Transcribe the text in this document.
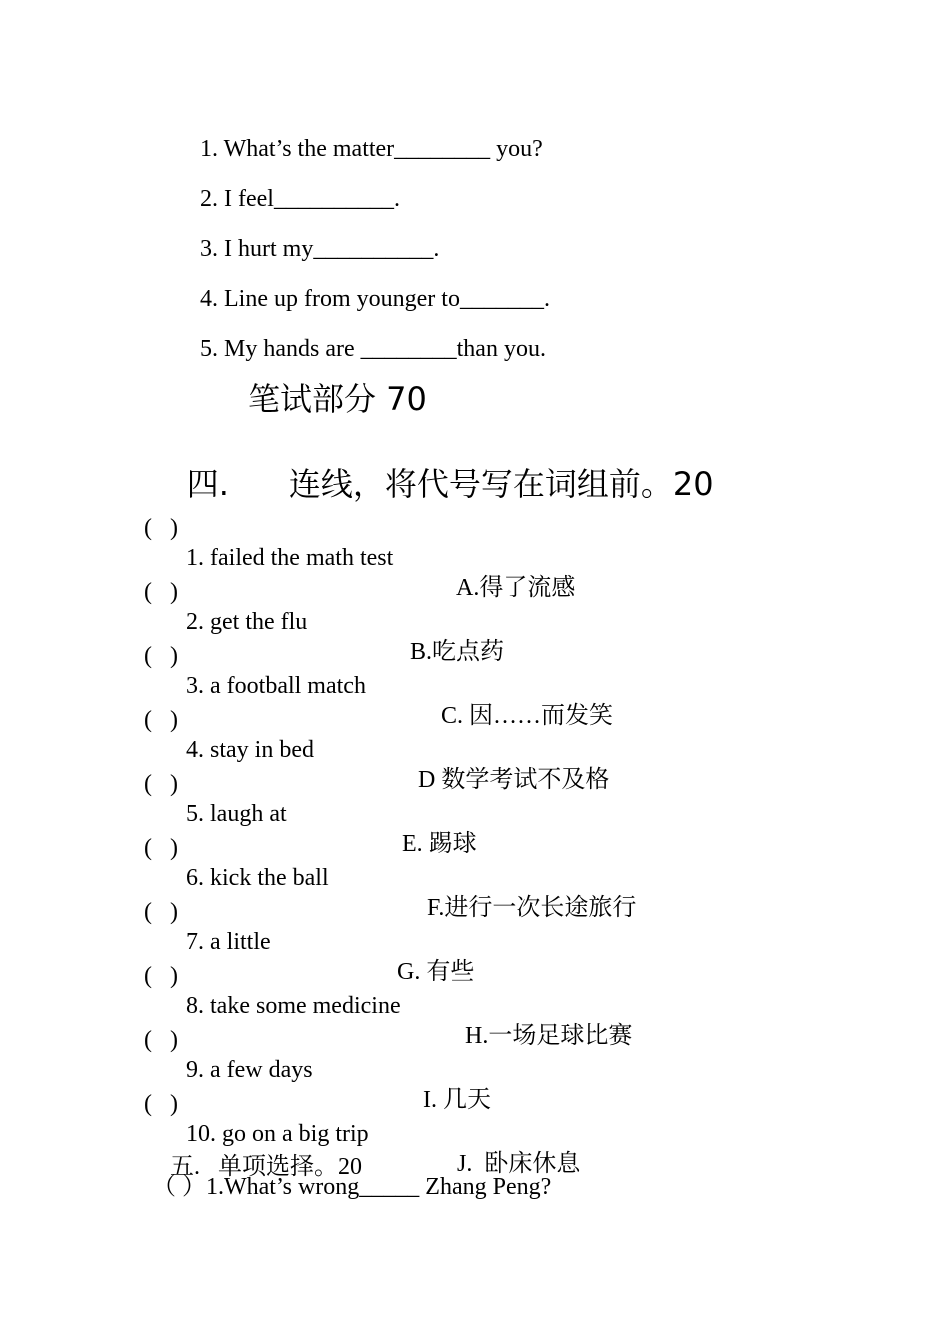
1. What’s the matter________ you?
2. I feel__________.
3. I hurt my__________.
4. Line up from younger to_______.
5. My hands are ________than you.
笔试部分 70

四. 连线，将代号写在词组前。20

(   )

1. failed the math test

A.得了流感

(   )

2. get the flu

B.吃点药

(   )

3. a football match

C. 因……而发笑

(   )

4. stay in bed

D 数学考试不及格

(   )

5. laugh at

E. 踢球

(   )

6. kick the ball

F.进行一次长途旅行

(   )

7. a little

G. 有些

(   )

8. take some medicine

H.一场足球比赛

(   )

9. a few days

I. 几天

(   )

10. go on a big trip

J.  卧床休息

五. 单项选择。20

（ ）1.What’s wrong_____ Zhang Peng?
